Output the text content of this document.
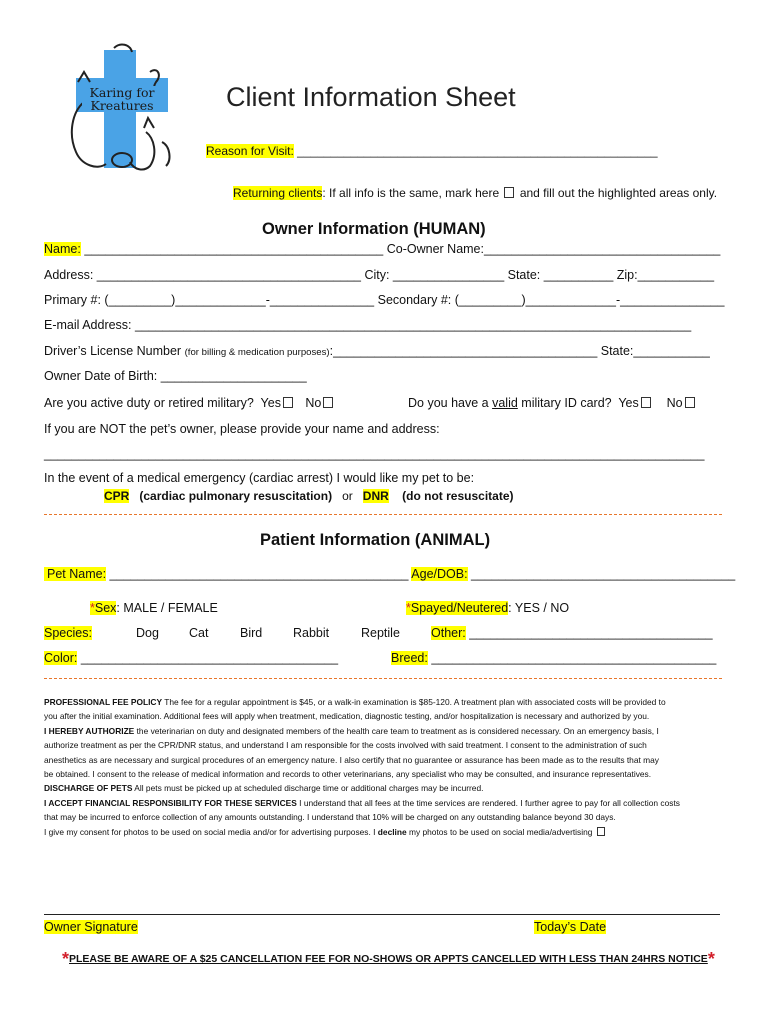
Karing for
Kreatures	Client Information Sheet
Reason for Visit: ______________________________________________________
Returning clients: If all info is the same, mark here and fill out the highlighted areas only.
Owner Information (HUMAN)
Name: ___________________________________________ Co-Owner Name:__________________________________
Address: ______________________________________ City: ________________ State: __________ Zip:___________
Primary #: (_________)_____________-_______________ Secondary #: (_________)_____________-_______________
E-mail Address: ________________________________________________________________________________
Driver’s License Number (for billing & medication purposes):______________________________________ State:___________
Owner Date of Birth: _____________________
Are you active duty or retired military? Yes No	Do you have a valid military ID card? Yes No
If you are NOT the pet’s owner, please provide your name and address:
_______________________________________________________________________________________________
In the event of a medical emergency (cardiac arrest) I would like my pet to be:
CPR (cardiac pulmonary resuscitation) or DNR (do not resuscitate)
Patient Information (ANIMAL)
Pet Name: ___________________________________________ Age/DOB: ______________________________________
*Sex: MALE / FEMALE	*Spayed/Neutered: YES / NO
Species:	Dog Cat	Bird Rabbit	Reptile Other: ___________________________________
Color: _____________________________________	Breed: _________________________________________
PROFESSIONAL FEE POLICY The fee for a regular appointment is $45, or a walk-in examination is $85-120. A treatment plan with associated costs will be provided to
you after the initial examination. Additional fees will apply when treatment, medication, diagnostic testing, and/or hospitalization is necessary and authorized by you.
I HEREBY AUTHORIZE the veterinarian on duty and designated members of the health care team to treatment as is considered necessary. On an emergency basis, I
authorize treatment as per the CPR/DNR status, and understand I am responsible for the costs involved with said treatment. I consent to the administration of such
anesthetics as are necessary and surgical procedures of an emergency nature. I also certify that no guarantee or assurance has been made as to the results that may
be obtained. I consent to the release of medical information and records to other veterinarians, any specialist who may be consulted, and insurance representatives.
DISCHARGE OF PETS All pets must be picked up at scheduled discharge time or additional charges may be incurred.
I ACCEPT FINANCIAL RESPONSIBILITY FOR THESE SERVICES I understand that all fees at the time services are rendered. I further agree to pay for all collection costs
that may be incurred to enforce collection of any amounts outstanding. I understand that 10% will be charged on any outstanding balance beyond 30 days.
I give my consent for photos to be used on social media and/or for advertising purposes. I decline my photos to be used on social media/advertising
Owner Signature	Today’s Date
*PLEASE BE AWARE OF A $25 CANCELLATION FEE FOR NO-SHOWS OR APPTS CANCELLED WITH LESS THAN 24HRS NOTICE*
